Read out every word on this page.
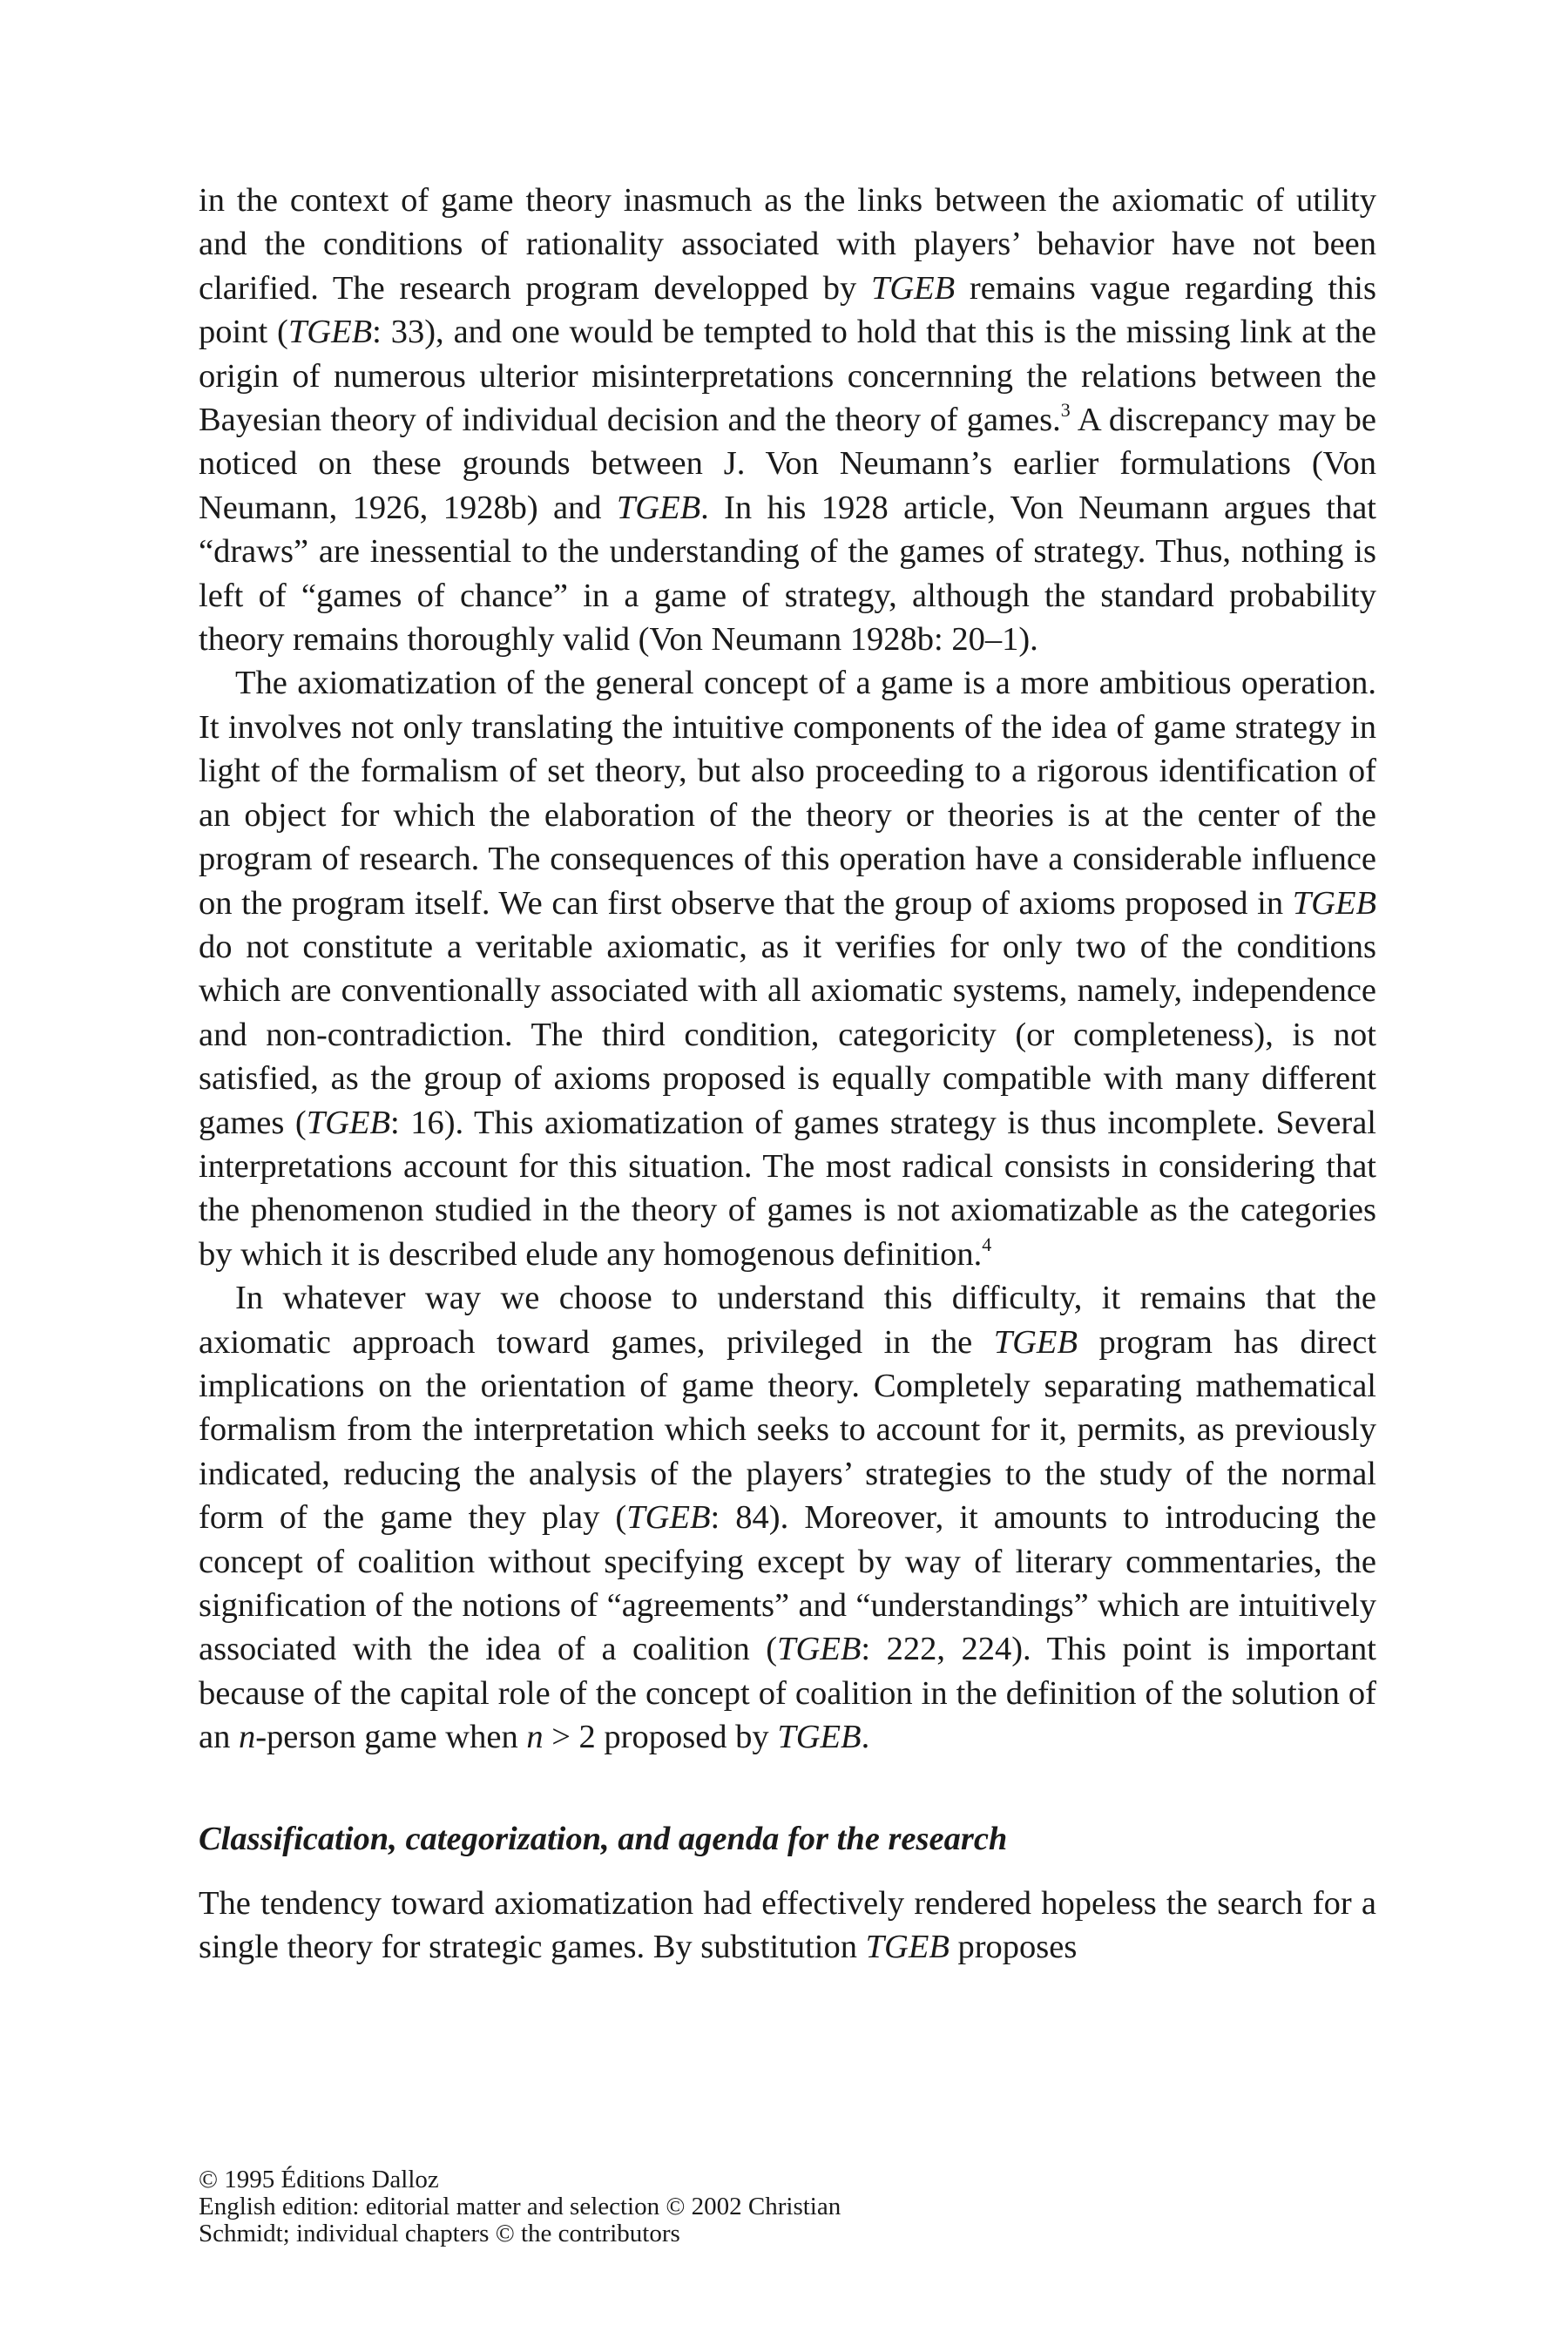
in the context of game theory inasmuch as the links between the axiomatic of utility and the conditions of rationality associated with players’ behavior have not been clarified. The research program developped by TGEB remains vague regarding this point (TGEB: 33), and one would be tempted to hold that this is the missing link at the origin of numerous ulterior misinterpretations concernning the relations between the Bayesian theory of individual decision and the theory of games.$^3$ A discrepancy may be noticed on these grounds between J. Von Neumann’s earlier formulations (Von Neumann, 1926, 1928b) and TGEB. In his 1928 article, Von Neumann argues that “draws” are inessential to the understanding of the games of strategy. Thus, nothing is left of “games of chance” in a game of strategy, although the standard probability theory remains thoroughly valid (Von Neumann 1928b: 20–1).

The axiomatization of the general concept of a game is a more ambitious operation. It involves not only translating the intuitive components of the idea of game strategy in light of the formalism of set theory, but also proceeding to a rigorous identification of an object for which the elaboration of the theory or theories is at the center of the program of research. The consequences of this operation have a considerable influence on the program itself. We can first observe that the group of axioms proposed in TGEB do not constitute a veritable axiomatic, as it verifies for only two of the conditions which are conventionally associated with all axiomatic systems, namely, independence and non-contradiction. The third condition, categoricity (or completeness), is not satisfied, as the group of axioms proposed is equally compatible with many different games (TGEB: 16). This axiomatization of games strategy is thus incomplete. Several interpretations account for this situation. The most radical consists in considering that the phenomenon studied in the theory of games is not axiomatizable as the categories by which it is described elude any homogenous definition.$^4$

In whatever way we choose to understand this difficulty, it remains that the axiomatic approach toward games, privileged in the TGEB program has direct implications on the orientation of game theory. Completely separating mathematical formalism from the interpretation which seeks to account for it, permits, as previously indicated, reducing the analysis of the players’ strategies to the study of the normal form of the game they play (TGEB: 84). Moreover, it amounts to introducing the concept of coalition without specifying except by way of literary commentaries, the signification of the notions of “agreements” and “understandings” which are intuitively associated with the idea of a coalition (TGEB: 222, 224). This point is important because of the capital role of the concept of coalition in the definition of the solution of an n-person game when n > 2 proposed by TGEB.

Classification, categorization, and agenda for the research

The tendency toward axiomatization had effectively rendered hopeless the search for a single theory for strategic games. By substitution TGEB proposes

© 1995 Éditions Dalloz
English edition: editorial matter and selection © 2002 Christian
Schmidt; individual chapters © the contributors
